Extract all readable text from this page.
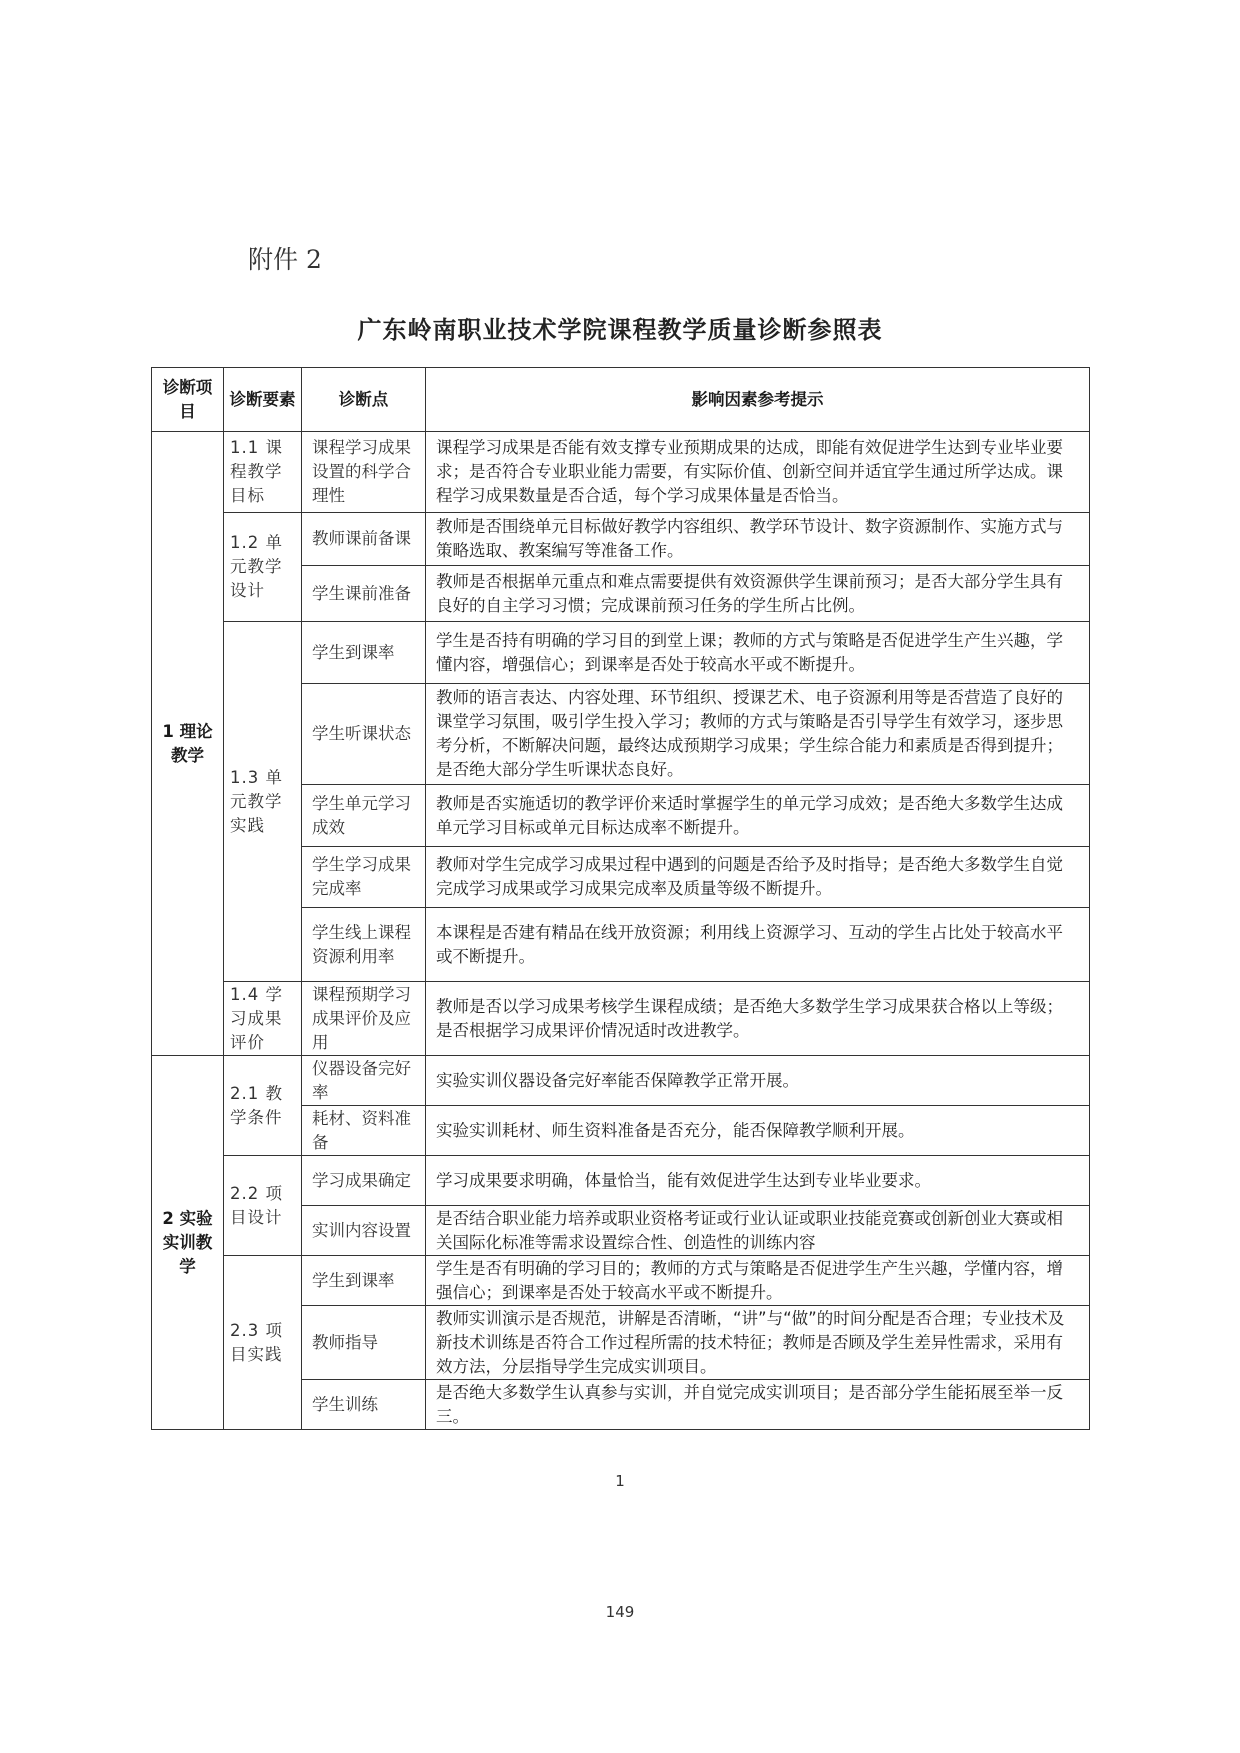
附件 2
广东岭南职业技术学院课程教学质量诊断参照表
诊断项目	诊断要素	诊断点	影响因素参考提示
1 理论教学	1.1 课程教学目标	课程学习成果设置的科学合理性	课程学习成果是否能有效支撑专业预期成果的达成，即能有效促进学生达到专业毕业要求；是否符合专业职业能力需要，有实际价值、创新空间并适宜学生通过所学达成。课程学习成果数量是否合适，每个学习成果体量是否恰当。
	1.2 单元教学设计	教师课前备课	教师是否围绕单元目标做好教学内容组织、教学环节设计、数字资源制作、实施方式与策略选取、教案编写等准备工作。
		学生课前准备	教师是否根据单元重点和难点需要提供有效资源供学生课前预习；是否大部分学生具有良好的自主学习习惯；完成课前预习任务的学生所占比例。
	1.3 单元教学实践	学生到课率	学生是否持有明确的学习目的到堂上课；教师的方式与策略是否促进学生产生兴趣，学懂内容，增强信心；到课率是否处于较高水平或不断提升。
		学生听课状态	教师的语言表达、内容处理、环节组织、授课艺术、电子资源利用等是否营造了良好的课堂学习氛围，吸引学生投入学习；教师的方式与策略是否引导学生有效学习，逐步思考分析，不断解决问题，最终达成预期学习成果；学生综合能力和素质是否得到提升；是否绝大部分学生听课状态良好。
		学生单元学习成效	教师是否实施适切的教学评价来适时掌握学生的单元学习成效；是否绝大多数学生达成单元学习目标或单元目标达成率不断提升。
		学生学习成果完成率	教师对学生完成学习成果过程中遇到的问题是否给予及时指导；是否绝大多数学生自觉完成学习成果或学习成果完成率及质量等级不断提升。
		学生线上课程资源利用率	本课程是否建有精品在线开放资源；利用线上资源学习、互动的学生占比处于较高水平或不断提升。
	1.4 学习成果评价	课程预期学习成果评价及应用	教师是否以学习成果考核学生课程成绩；是否绝大多数学生学习成果获合格以上等级；是否根据学习成果评价情况适时改进教学。
2 实验实训教学	2.1 教学条件	仪器设备完好率	实验实训仪器设备完好率能否保障教学正常开展。
		耗材、资料准备	实验实训耗材、师生资料准备是否充分，能否保障教学顺利开展。
	2.2 项目设计	学习成果确定	学习成果要求明确，体量恰当，能有效促进学生达到专业毕业要求。
		实训内容设置	是否结合职业能力培养或职业资格考证或行业认证或职业技能竞赛或创新创业大赛或相关国际化标准等需求设置综合性、创造性的训练内容
	2.3 项目实践	学生到课率	学生是否有明确的学习目的；教师的方式与策略是否促进学生产生兴趣，学懂内容，增强信心；到课率是否处于较高水平或不断提升。
		教师指导	教师实训演示是否规范，讲解是否清晰，“讲”与“做”的时间分配是否合理；专业技术及新技术训练是否符合工作过程所需的技术特征；教师是否顾及学生差异性需求，采用有效方法，分层指导学生完成实训项目。
		学生训练	是否绝大多数学生认真参与实训，并自觉完成实训项目；是否部分学生能拓展至举一反三。
1
149
